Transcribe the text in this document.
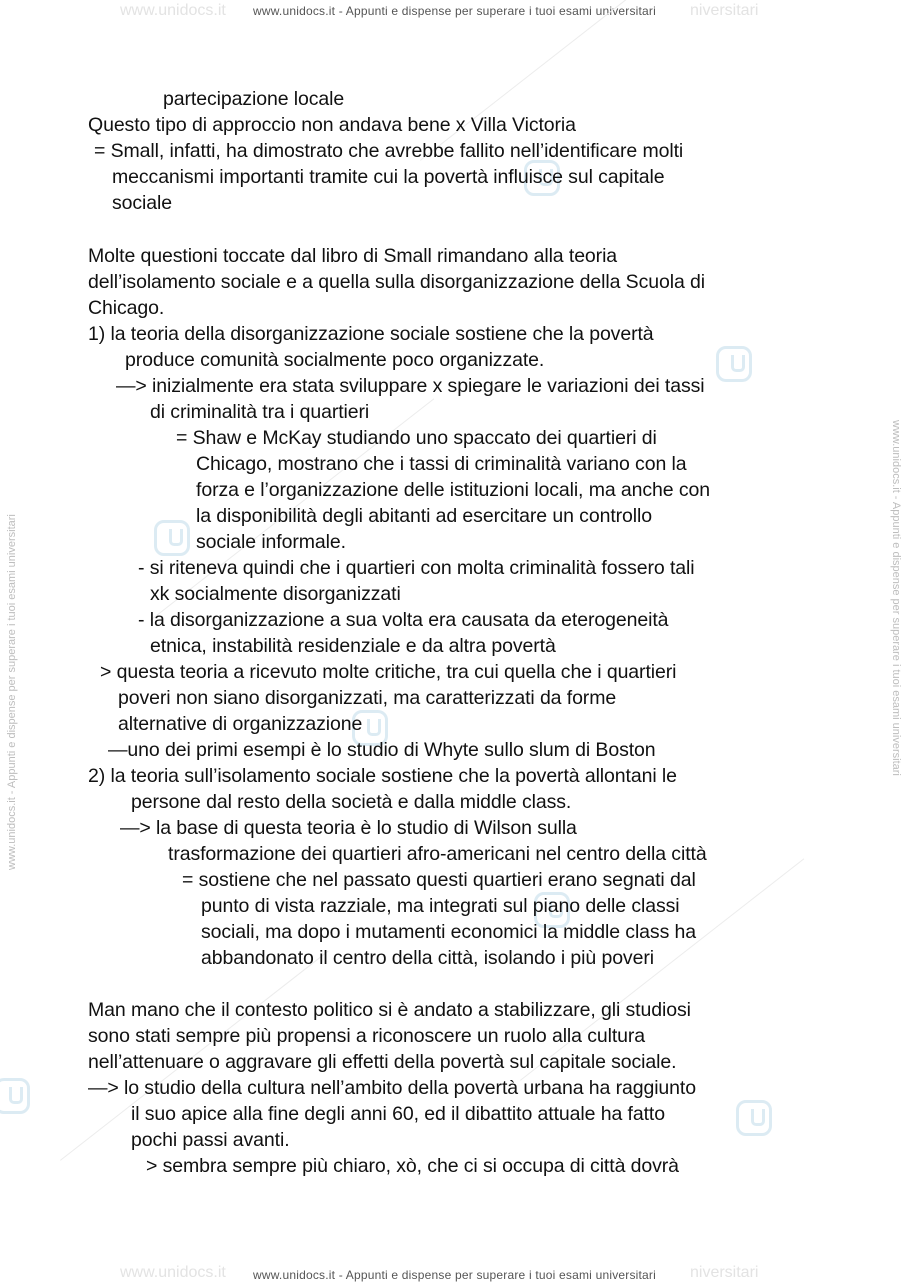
www.unidocs.it	niversitari
www.unidocs.it - Appunti e dispense per superare i tuoi esami universitari
www.unidocs.it	niversitari
www.unidocs.it - Appunti e dispense per superare i tuoi esami universitari
www.unidocs.it - Appunti e dispense per superare i tuoi esami universitari	www.unidocs.it - Appunti e dispense per superare i tuoi esami universitari
partecipazione locale
Questo tipo di approccio non andava bene x Villa Victoria
= Small, infatti, ha dimostrato che avrebbe fallito nell’identificare molti
meccanismi importanti tramite cui la povertà influisce sul capitale
sociale
Molte questioni toccate dal libro di Small rimandano alla teoria
dell’isolamento sociale e a quella sulla disorganizzazione della Scuola di
Chicago.
1) la teoria della disorganizzazione sociale sostiene che la povertà
produce comunità socialmente poco organizzate.
—> inizialmente era stata sviluppare x spiegare le variazioni dei tassi
di criminalità tra i quartieri
= Shaw e McKay studiando uno spaccato dei quartieri di
Chicago, mostrano che i tassi di criminalità variano con la
forza e l’organizzazione delle istituzioni locali, ma anche con
la disponibilità degli abitanti ad esercitare un controllo
sociale informale.
- si riteneva quindi che i quartieri con molta criminalità fossero tali
xk socialmente disorganizzati
- la disorganizzazione a sua volta era causata da eterogeneità
etnica, instabilità residenziale e da altra povertà
> questa teoria a ricevuto molte critiche, tra cui quella che i quartieri
poveri non siano disorganizzati, ma caratterizzati da forme
alternative di organizzazione
—uno dei primi esempi è lo studio di Whyte sullo slum di Boston
2) la teoria sull’isolamento sociale sostiene che la povertà allontani le
persone dal resto della società e dalla middle class.
—> la base di questa teoria è lo studio di Wilson sulla
trasformazione dei quartieri afro-americani nel centro della città
= sostiene che nel passato questi quartieri erano segnati dal
punto di vista razziale, ma integrati sul piano delle classi
sociali, ma dopo i mutamenti economici la middle class ha
abbandonato il centro della città, isolando i più poveri
Man mano che il contesto politico si è andato a stabilizzare, gli studiosi
sono stati sempre più propensi a riconoscere un ruolo alla cultura
nell’attenuare o aggravare gli effetti della povertà sul capitale sociale.
—> lo studio della cultura nell’ambito della povertà urbana ha raggiunto
il suo apice alla fine degli anni 60, ed il dibattito attuale ha fatto
pochi passi avanti.
> sembra sempre più chiaro, xò, che ci si occupa di città dovrà
